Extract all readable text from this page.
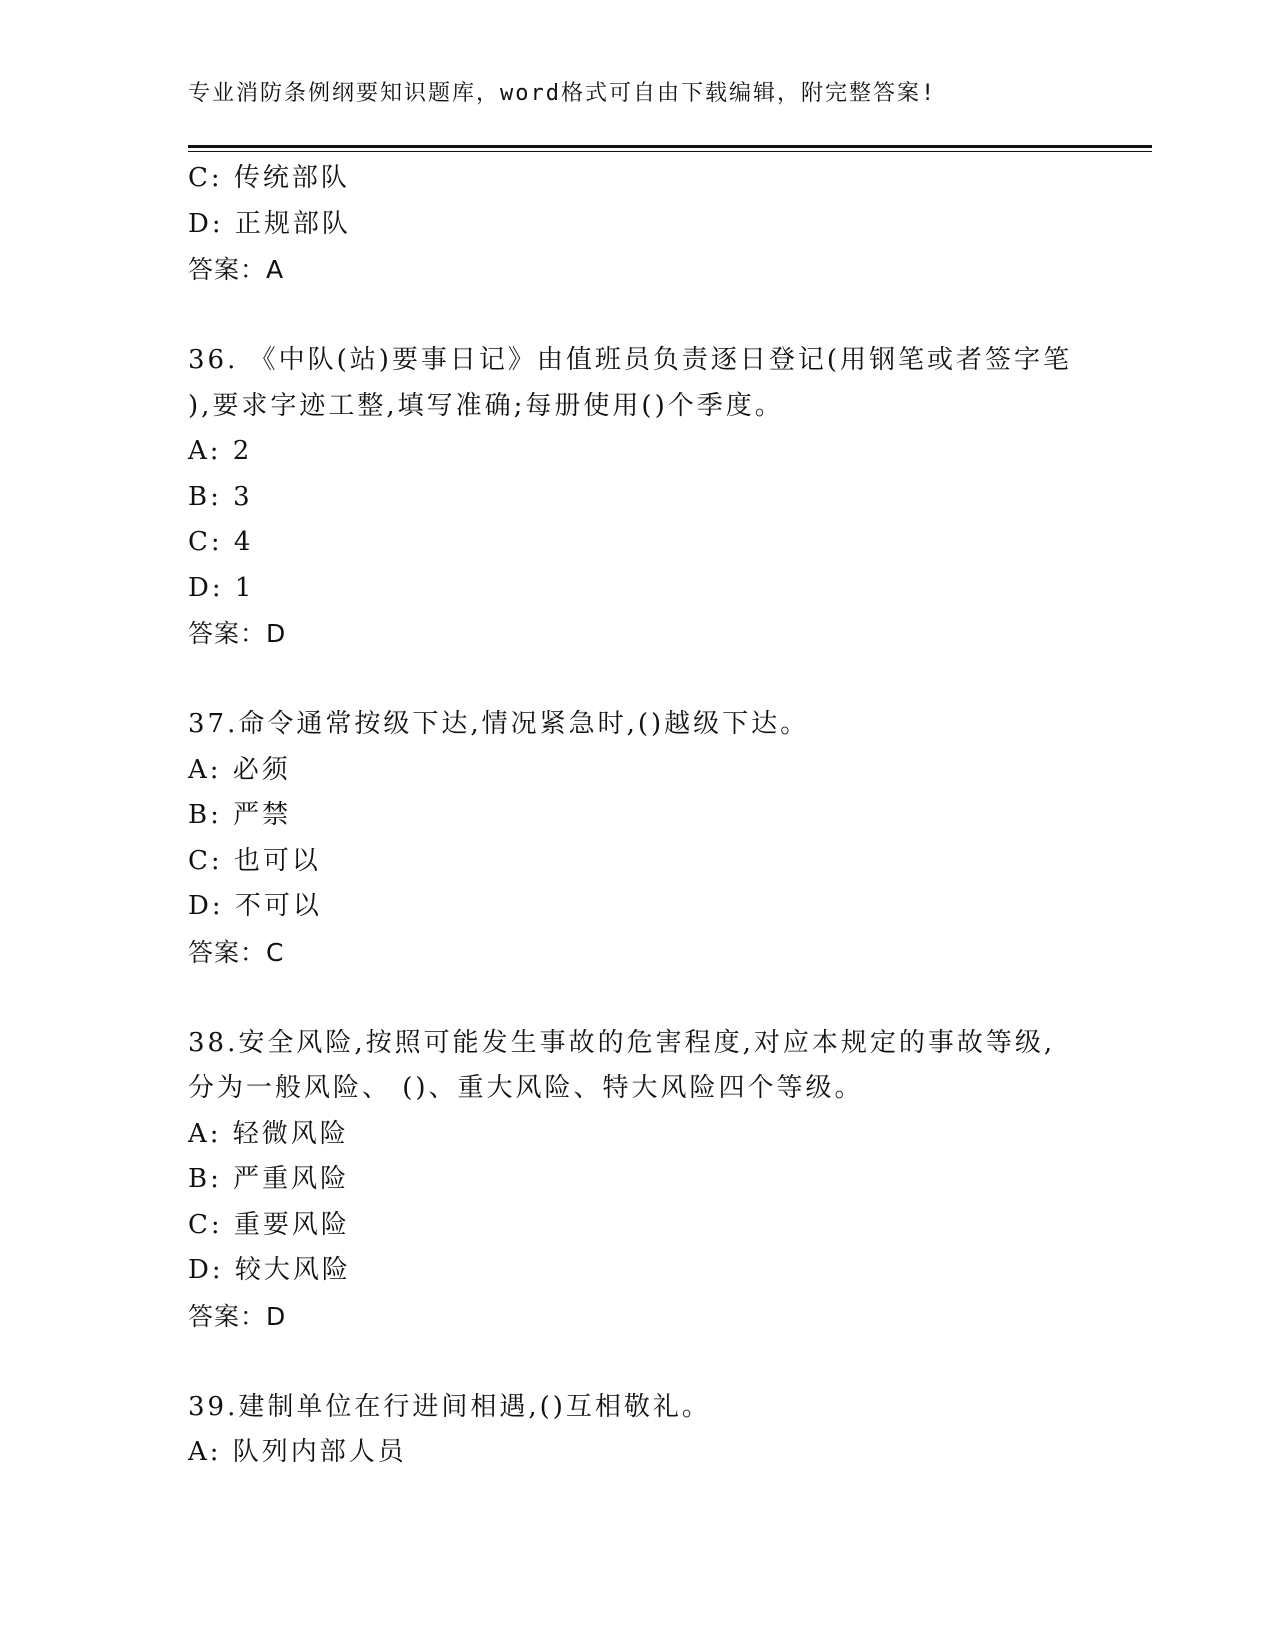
专业消防条例纲要知识题库，word格式可自由下载编辑，附完整答案!
C: 传统部队
D: 正规部队
答案：A
36. 《中队(站)要事日记》由值班员负责逐日登记(用钢笔或者签字笔
),要求字迹工整,填写准确;每册使用()个季度。
A: 2
B: 3
C: 4
D: 1
答案：D
37.命令通常按级下达,情况紧急时,()越级下达。
A: 必须
B: 严禁
C: 也可以
D: 不可以
答案：C
38.安全风险,按照可能发生事故的危害程度,对应本规定的事故等级,
分为一般风险、 ()、重大风险、特大风险四个等级。
A: 轻微风险
B: 严重风险
C: 重要风险
D: 较大风险
答案：D
39.建制单位在行进间相遇,()互相敬礼。
A: 队列内部人员
